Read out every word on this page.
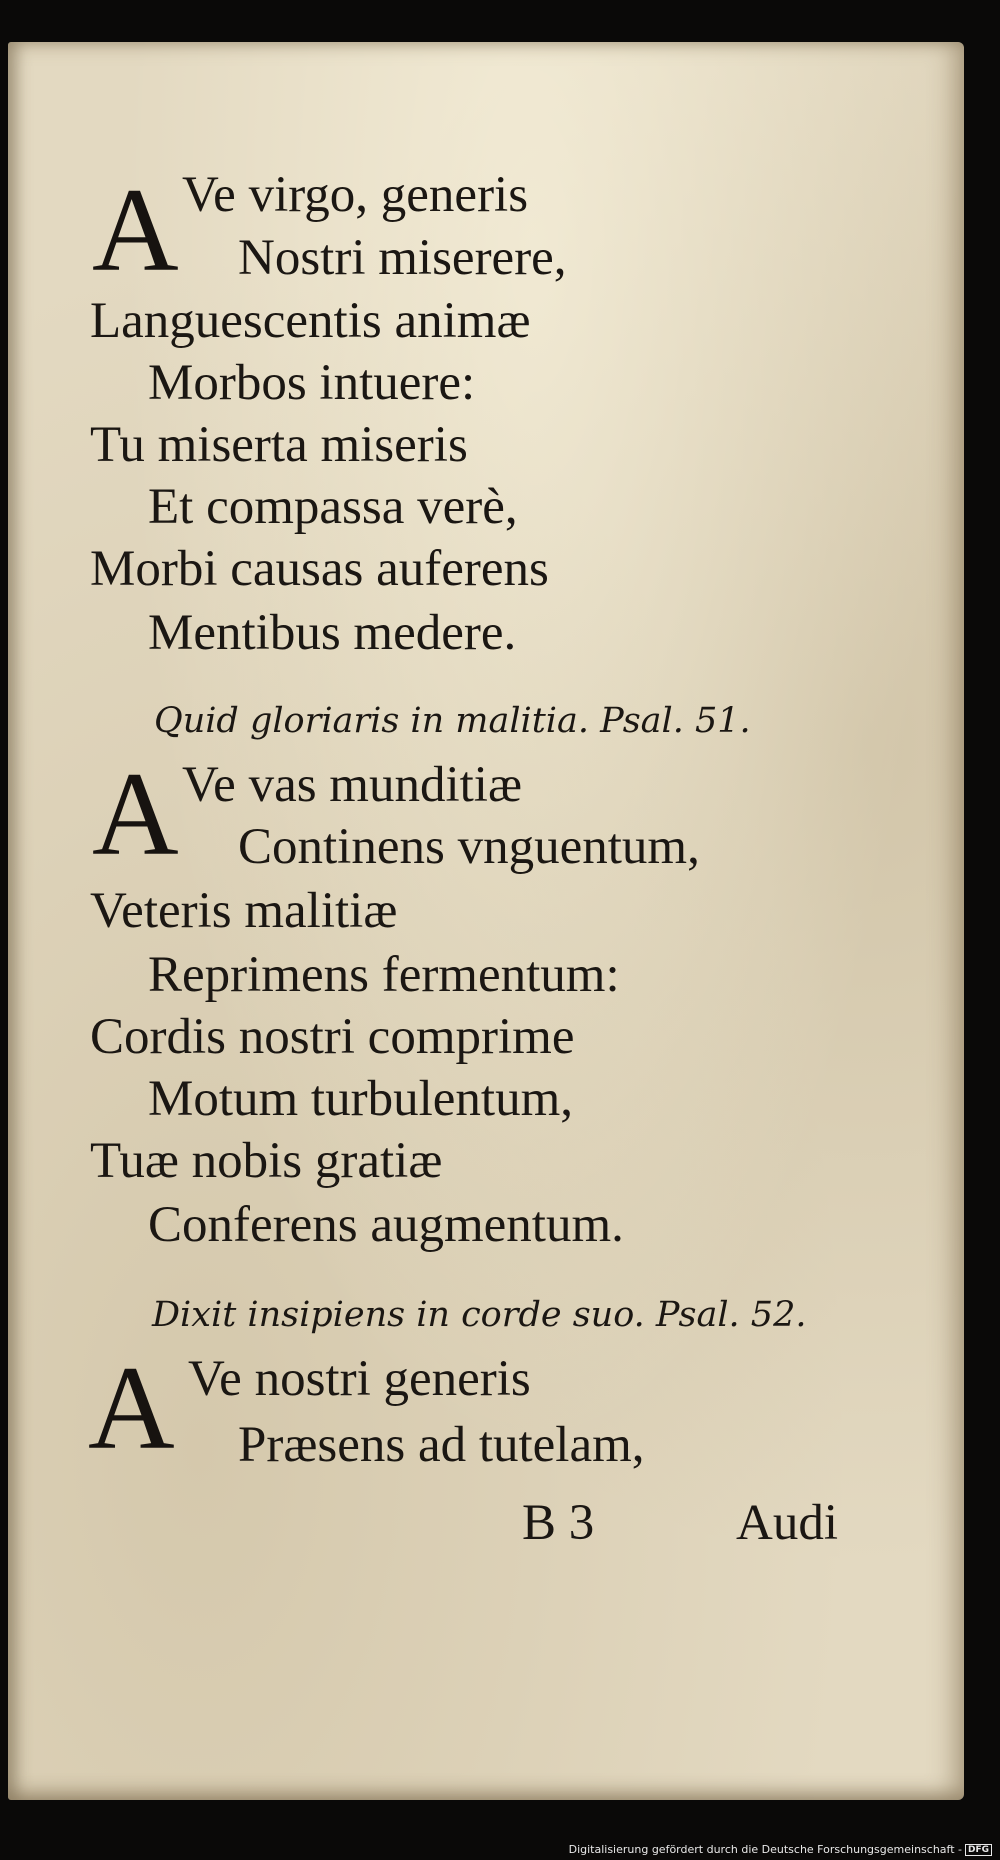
A Ve virgo, generis
Nostri miserere,
Languescentis animæ
Morbos intuere:
Tu miserta miseris
Et compassa verè,
Morbi causas auferens
Mentibus medere.
Quid gloriaris in malitia. Psal. 51.
A Ve vas munditiæ
Continens vnguentum,
Veteris malitiæ
Reprimens fermentum:
Cordis nostri comprime
Motum turbulentum,
Tuæ nobis gratiæ
Conferens augmentum.
Dixit insipiens in corde suo. Psal. 52.
A Ve nostri generis
Præsens ad tutelam,
B 3	Audi
Digitalisierung gefördert durch die Deutsche Forschungsgemeinschaft - DFG
